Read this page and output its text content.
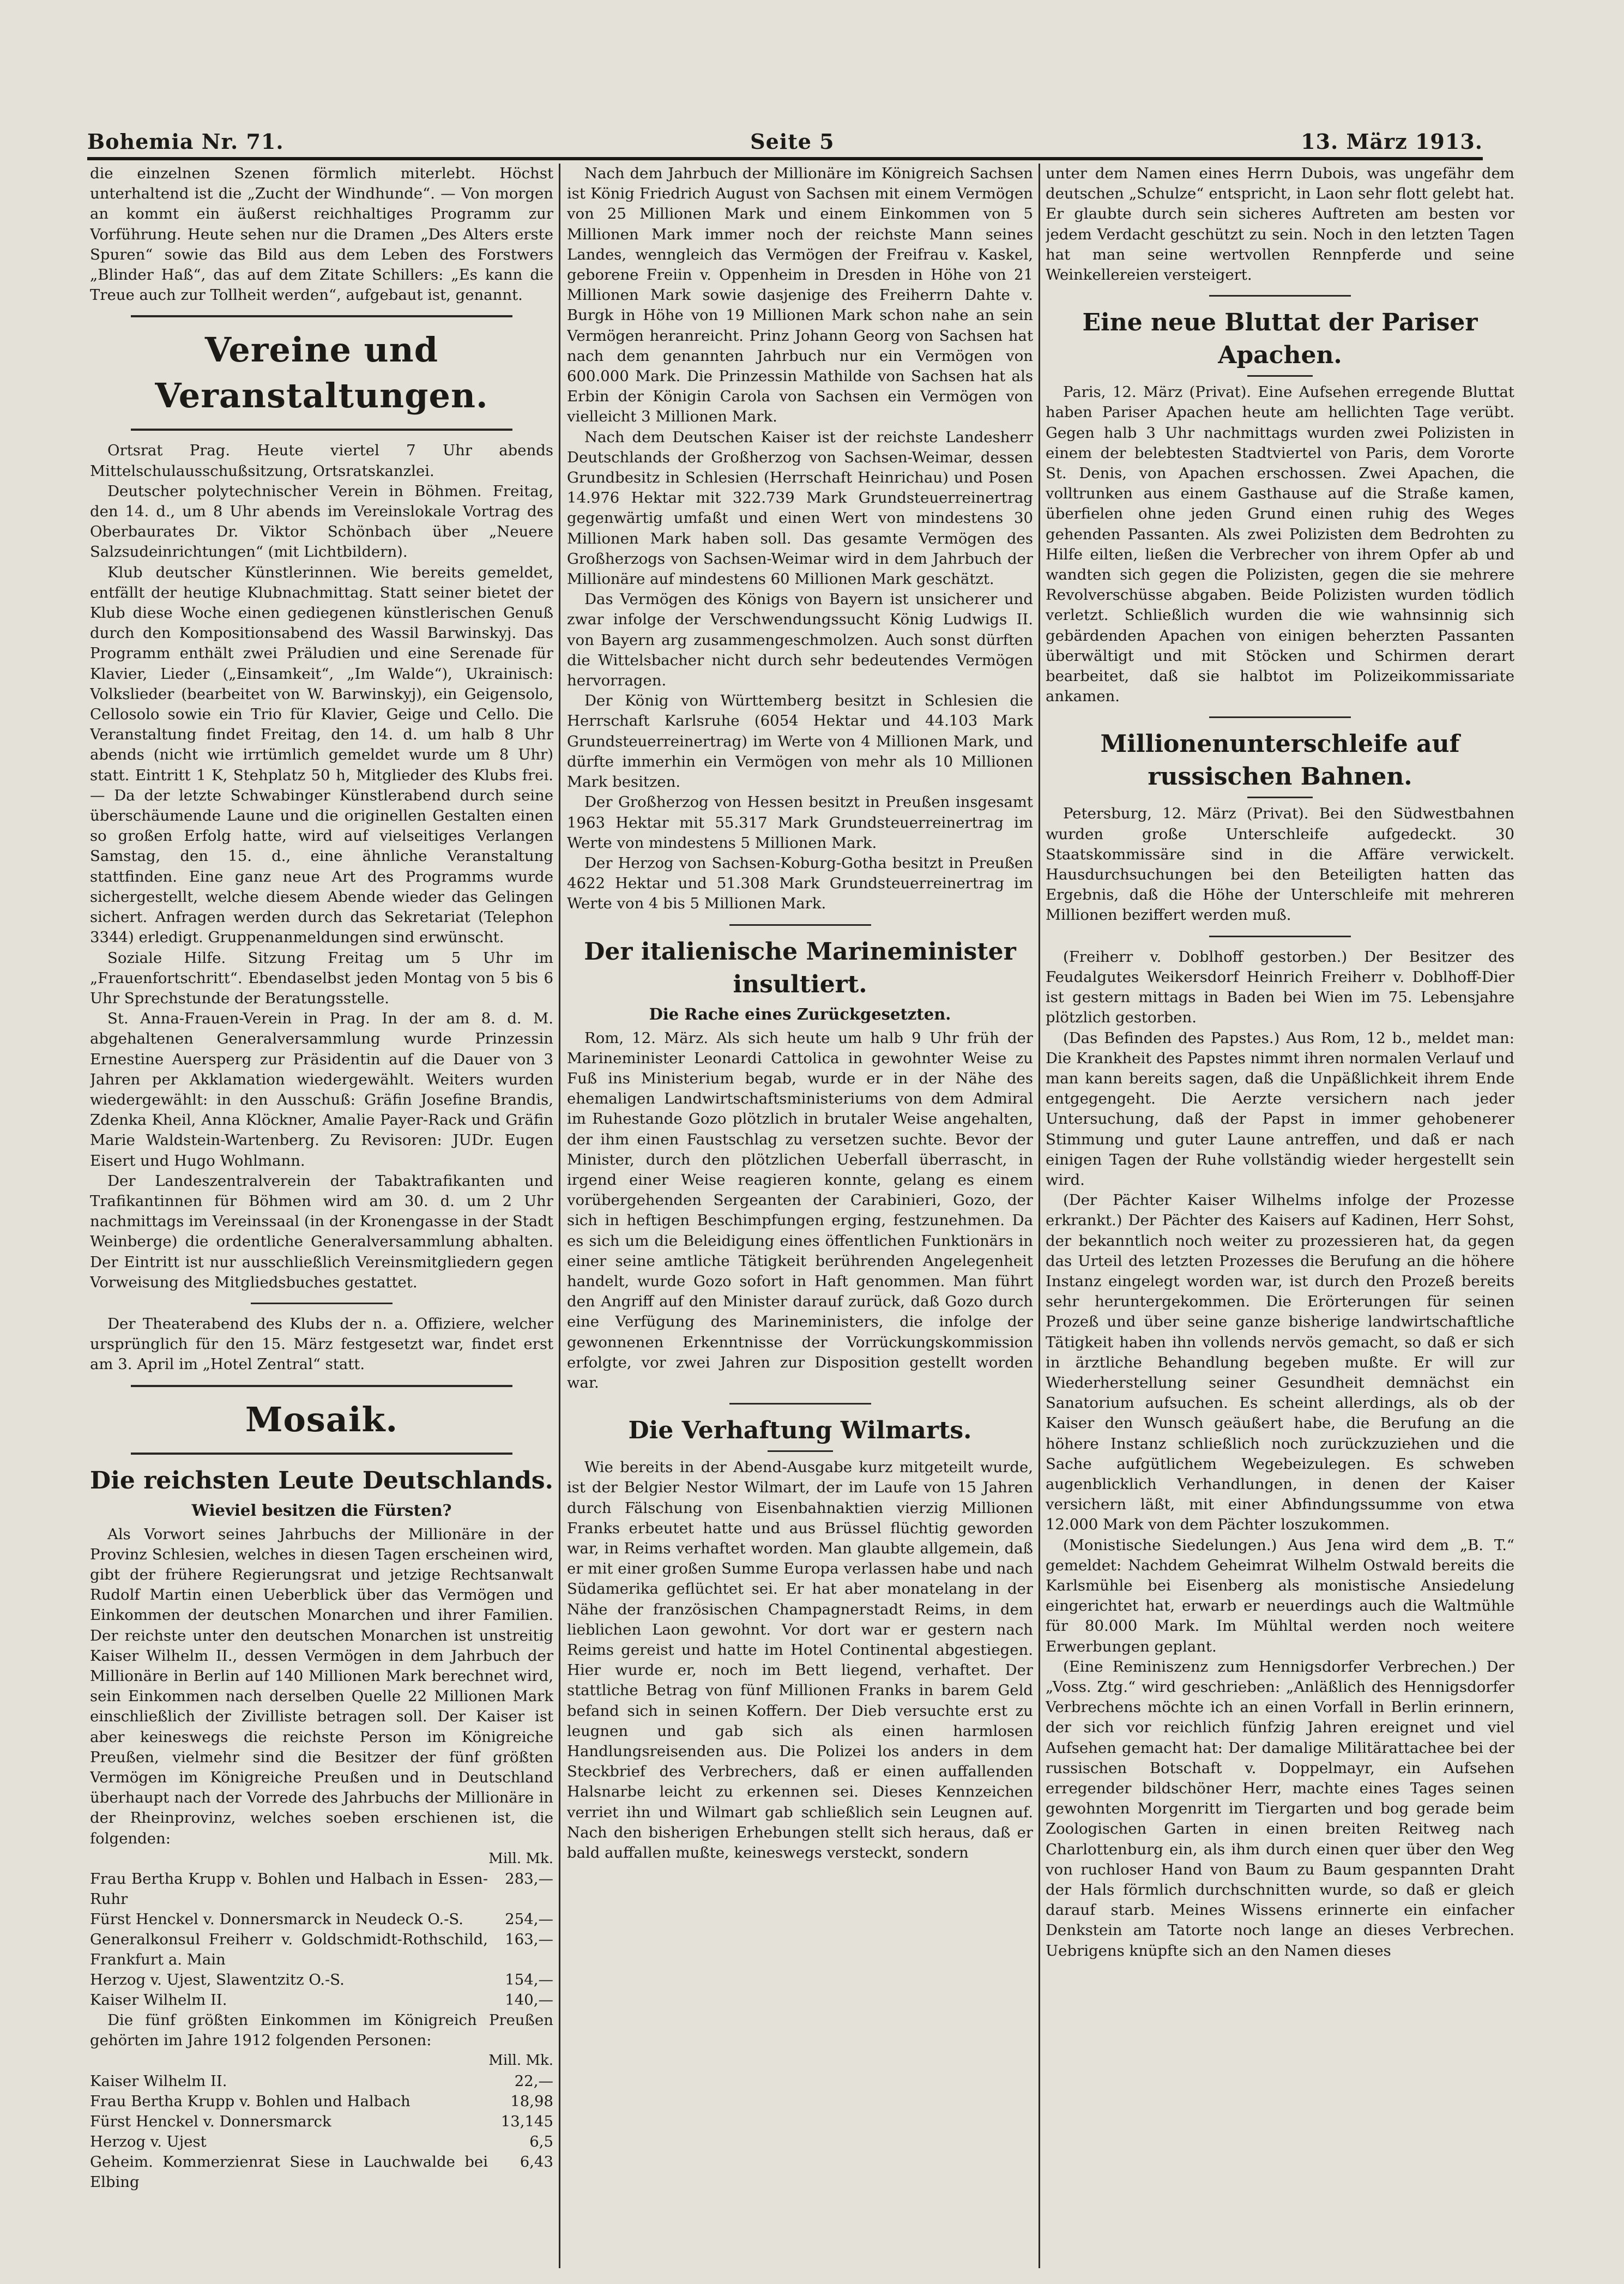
Bohemia Nr. 71.	Seite 5	13. März 1913.

die einzelnen Szenen förmlich miterlebt. Höchst unterhaltend ist die „Zucht der Windhunde“. — Von morgen an kommt ein äußerst reichhaltiges Programm zur Vorführung. Heute sehen nur die Dramen „Des Alters erste Spuren“ sowie das Bild aus dem Leben des Forstwers „Blinder Haß“, das auf dem Zitate Schillers: „Es kann die Treue auch zur Tollheit werden“, aufgebaut ist, genannt.

Vereine und Veranstaltungen.

Ortsrat Prag. Heute viertel 7 Uhr abends Mittelschulausschußsitzung, Ortsratskanzlei.

Deutscher polytechnischer Verein in Böhmen. Freitag, den 14. d., um 8 Uhr abends im Vereinslokale Vortrag des Oberbaurates Dr. Viktor Schönbach über „Neuere Salzsudeinrichtungen“ (mit Lichtbildern).

Klub deutscher Künstlerinnen. Wie bereits gemeldet, entfällt der heutige Klubnachmittag. Statt seiner bietet der Klub diese Woche einen gediegenen künstlerischen Genuß durch den Kompositionsabend des Wassil Barwinskyj. Das Programm enthält zwei Präludien und eine Serenade für Klavier, Lieder („Einsamkeit“, „Im Walde“), Ukrainisch: Volkslieder (bearbeitet von W. Barwinskyj), ein Geigensolo, Cellosolo sowie ein Trio für Klavier, Geige und Cello. Die Veranstaltung findet Freitag, den 14. d. um halb 8 Uhr abends (nicht wie irrtümlich gemeldet wurde um 8 Uhr) statt. Eintritt 1 K, Stehplatz 50 h, Mitglieder des Klubs frei. — Da der letzte Schwabinger Künstlerabend durch seine überschäumende Laune und die originellen Gestalten einen so großen Erfolg hatte, wird auf vielseitiges Verlangen Samstag, den 15. d., eine ähnliche Veranstaltung stattfinden. Eine ganz neue Art des Programms wurde sichergestellt, welche diesem Abende wieder das Gelingen sichert. Anfragen werden durch das Sekretariat (Telephon 3344) erledigt. Gruppenanmeldungen sind erwünscht.

Soziale Hilfe. Sitzung Freitag um 5 Uhr im „Frauenfortschritt“. Ebendaselbst jeden Montag von 5 bis 6 Uhr Sprechstunde der Beratungsstelle.

St. Anna-Frauen-Verein in Prag. In der am 8. d. M. abgehaltenen Generalversammlung wurde Prinzessin Ernestine Auersperg zur Präsidentin auf die Dauer von 3 Jahren per Akklamation wiedergewählt. Weiters wurden wiedergewählt: in den Ausschuß: Gräfin Josefine Brandis, Zdenka Kheil, Anna Klöckner, Amalie Payer-Rack und Gräfin Marie Waldstein-Wartenberg. Zu Revisoren: JUDr. Eugen Eisert und Hugo Wohlmann.

Der Landeszentralverein der Tabaktrafikanten und Trafikantinnen für Böhmen wird am 30. d. um 2 Uhr nachmittags im Vereinssaal (in der Kronengasse in der Stadt Weinberge) die ordentliche Generalversammlung abhalten. Der Eintritt ist nur ausschließlich Vereinsmitgliedern gegen Vorweisung des Mitgliedsbuches gestattet.

Der Theaterabend des Klubs der n. a. Offiziere, welcher ursprünglich für den 15. März festgesetzt war, findet erst am 3. April im „Hotel Zentral“ statt.

Mosaik.
Die reichsten Leute Deutschlands.
Wieviel besitzen die Fürsten?

Als Vorwort seines Jahrbuchs der Millionäre in der Provinz Schlesien, welches in diesen Tagen erscheinen wird, gibt der frühere Regierungsrat und jetzige Rechtsanwalt Rudolf Martin einen Ueberblick über das Vermögen und Einkommen der deutschen Monarchen und ihrer Familien. Der reichste unter den deutschen Monarchen ist unstreitig Kaiser Wilhelm II., dessen Vermögen in dem Jahrbuch der Millionäre in Berlin auf 140 Millionen Mark berechnet wird, sein Einkommen nach derselben Quelle 22 Millionen Mark einschließlich der Zivilliste betragen soll. Der Kaiser ist aber keineswegs die reichste Person im Königreiche Preußen, vielmehr sind die Besitzer der fünf größten Vermögen im Königreiche Preußen und in Deutschland überhaupt nach der Vorrede des Jahrbuchs der Millionäre in der Rheinprovinz, welches soeben erschienen ist, die folgenden:

Mill. Mk.
Frau Bertha Krupp v. Bohlen und Halbach in Essen-Ruhr	283,—
Fürst Henckel v. Donnersmarck in Neudeck O.-S.	254,—
Generalkonsul Freiherr v. Goldschmidt-Rothschild, Frankfurt a. Main	163,—
Herzog v. Ujest, Slawentzitz O.-S.	154,—
Kaiser Wilhelm II.	140,—

Die fünf größten Einkommen im Königreich Preußen gehörten im Jahre 1912 folgenden Personen:

Mill. Mk.
Kaiser Wilhelm II.	22,—
Frau Bertha Krupp v. Bohlen und Halbach	18,98
Fürst Henckel v. Donnersmarck	13,145
Herzog v. Ujest	6,5
Geheim. Kommerzienrat Siese in Lauchwalde bei Elbing	6,43

Nach dem Jahrbuch der Millionäre im Königreich Sachsen ist König Friedrich August von Sachsen mit einem Vermögen von 25 Millionen Mark und einem Einkommen von 5 Millionen Mark immer noch der reichste Mann seines Landes, wenngleich das Vermögen der Freifrau v. Kaskel, geborene Freiin v. Oppenheim in Dresden in Höhe von 21 Millionen Mark sowie dasjenige des Freiherrn Dahte v. Burgk in Höhe von 19 Millionen Mark schon nahe an sein Vermögen heranreicht. Prinz Johann Georg von Sachsen hat nach dem genannten Jahrbuch nur ein Vermögen von 600.000 Mark. Die Prinzessin Mathilde von Sachsen hat als Erbin der Königin Carola von Sachsen ein Vermögen von vielleicht 3 Millionen Mark.

Nach dem Deutschen Kaiser ist der reichste Landesherr Deutschlands der Großherzog von Sachsen-Weimar, dessen Grundbesitz in Schlesien (Herrschaft Heinrichau) und Posen 14.976 Hektar mit 322.739 Mark Grundsteuerreinertrag gegenwärtig umfaßt und einen Wert von mindestens 30 Millionen Mark haben soll. Das gesamte Vermögen des Großherzogs von Sachsen-Weimar wird in dem Jahrbuch der Millionäre auf mindestens 60 Millionen Mark geschätzt.

Das Vermögen des Königs von Bayern ist unsicherer und zwar infolge der Verschwendungssucht König Ludwigs II. von Bayern arg zusammengeschmolzen. Auch sonst dürften die Wittelsbacher nicht durch sehr bedeutendes Vermögen hervorragen.

Der König von Württemberg besitzt in Schlesien die Herrschaft Karlsruhe (6054 Hektar und 44.103 Mark Grundsteuerreinertrag) im Werte von 4 Millionen Mark, und dürfte immerhin ein Vermögen von mehr als 10 Millionen Mark besitzen.

Der Großherzog von Hessen besitzt in Preußen insgesamt 1963 Hektar mit 55.317 Mark Grundsteuerreinertrag im Werte von mindestens 5 Millionen Mark.

Der Herzog von Sachsen-Koburg-Gotha besitzt in Preußen 4622 Hektar und 51.308 Mark Grundsteuerreinertrag im Werte von 4 bis 5 Millionen Mark.

Der italienische Marineminister insultiert.
Die Rache eines Zurückgesetzten.

Rom, 12. März. Als sich heute um halb 9 Uhr früh der Marineminister Leonardi Cattolica in gewohnter Weise zu Fuß ins Ministerium begab, wurde er in der Nähe des ehemaligen Landwirtschaftsministeriums von dem Admiral im Ruhestande Gozo plötzlich in brutaler Weise angehalten, der ihm einen Faustschlag zu versetzen suchte. Bevor der Minister, durch den plötzlichen Ueberfall überrascht, in irgend einer Weise reagieren konnte, gelang es einem vorübergehenden Sergeanten der Carabinieri, Gozo, der sich in heftigen Beschimpfungen erging, festzunehmen. Da es sich um die Beleidigung eines öffentlichen Funktionärs in einer seine amtliche Tätigkeit berührenden Angelegenheit handelt, wurde Gozo sofort in Haft genommen. Man führt den Angriff auf den Minister darauf zurück, daß Gozo durch eine Verfügung des Marineministers, die infolge der gewonnenen Erkenntnisse der Vorrückungskommission erfolgte, vor zwei Jahren zur Disposition gestellt worden war.

Die Verhaftung Wilmarts.

Wie bereits in der Abend-Ausgabe kurz mitgeteilt wurde, ist der Belgier Nestor Wilmart, der im Laufe von 15 Jahren durch Fälschung von Eisenbahnaktien vierzig Millionen Franks erbeutet hatte und aus Brüssel flüchtig geworden war, in Reims verhaftet worden. Man glaubte allgemein, daß er mit einer großen Summe Europa verlassen habe und nach Südamerika geflüchtet sei. Er hat aber monatelang in der Nähe der französischen Champagnerstadt Reims, in dem lieblichen Laon gewohnt. Vor dort war er gestern nach Reims gereist und hatte im Hotel Continental abgestiegen. Hier wurde er, noch im Bett liegend, verhaftet. Der stattliche Betrag von fünf Millionen Franks in barem Geld befand sich in seinen Koffern. Der Dieb versuchte erst zu leugnen und gab sich als einen harmlosen Handlungsreisenden aus. Die Polizei los anders in dem Steckbrief des Verbrechers, daß er einen auffallenden Halsnarbe leicht zu erkennen sei. Dieses Kennzeichen verriet ihn und Wilmart gab schließlich sein Leugnen auf. Nach den bisherigen Erhebungen stellt sich heraus, daß er bald auffallen mußte, keineswegs versteckt, sondern

unter dem Namen eines Herrn Dubois, was ungefähr dem deutschen „Schulze“ entspricht, in Laon sehr flott gelebt hat. Er glaubte durch sein sicheres Auftreten am besten vor jedem Verdacht geschützt zu sein. Noch in den letzten Tagen hat man seine wertvollen Rennpferde und seine Weinkellereien versteigert.

Eine neue Bluttat der Pariser Apachen.

Paris, 12. März (Privat). Eine Aufsehen erregende Bluttat haben Pariser Apachen heute am hellichten Tage verübt. Gegen halb 3 Uhr nachmittags wurden zwei Polizisten in einem der belebtesten Stadtviertel von Paris, dem Vororte St. Denis, von Apachen erschossen. Zwei Apachen, die volltrunken aus einem Gasthause auf die Straße kamen, überfielen ohne jeden Grund einen ruhig des Weges gehenden Passanten. Als zwei Polizisten dem Bedrohten zu Hilfe eilten, ließen die Verbrecher von ihrem Opfer ab und wandten sich gegen die Polizisten, gegen die sie mehrere Revolverschüsse abgaben. Beide Polizisten wurden tödlich verletzt. Schließlich wurden die wie wahnsinnig sich gebärdenden Apachen von einigen beherzten Passanten überwältigt und mit Stöcken und Schirmen derart bearbeitet, daß sie halbtot im Polizeikommissariate ankamen.

Millionenunterschleife auf russischen Bahnen.

Petersburg, 12. März (Privat). Bei den Südwestbahnen wurden große Unterschleife aufgedeckt. 30 Staatskommissäre sind in die Affäre verwickelt. Hausdurchsuchungen bei den Beteiligten hatten das Ergebnis, daß die Höhe der Unterschleife mit mehreren Millionen beziffert werden muß.

(Freiherr v. Doblhoff gestorben.) Der Besitzer des Feudalgutes Weikersdorf Heinrich Freiherr v. Doblhoff-Dier ist gestern mittags in Baden bei Wien im 75. Lebensjahre plötzlich gestorben.

(Das Befinden des Papstes.) Aus Rom, 12 b., meldet man: Die Krankheit des Papstes nimmt ihren normalen Verlauf und man kann bereits sagen, daß die Unpäßlichkeit ihrem Ende entgegengeht. Die Aerzte versichern nach jeder Untersuchung, daß der Papst in immer gehobenerer Stimmung und guter Laune antreffen, und daß er nach einigen Tagen der Ruhe vollständig wieder hergestellt sein wird.

(Der Pächter Kaiser Wilhelms infolge der Prozesse erkrankt.) Der Pächter des Kaisers auf Kadinen, Herr Sohst, der bekanntlich noch weiter zu prozessieren hat, da gegen das Urteil des letzten Prozesses die Berufung an die höhere Instanz eingelegt worden war, ist durch den Prozeß bereits sehr heruntergekommen. Die Erörterungen für seinen Prozeß und über seine ganze bisherige landwirtschaftliche Tätigkeit haben ihn vollends nervös gemacht, so daß er sich in ärztliche Behandlung begeben mußte. Er will zur Wiederherstellung seiner Gesundheit demnächst ein Sanatorium aufsuchen. Es scheint allerdings, als ob der Kaiser den Wunsch geäußert habe, die Berufung an die höhere Instanz schließlich noch zurückzuziehen und die Sache aufgütlichem Wegebeizulegen. Es schweben augenblicklich Verhandlungen, in denen der Kaiser versichern läßt, mit einer Abfindungssumme von etwa 12.000 Mark von dem Pächter loszukommen.

(Monistische Siedelungen.) Aus Jena wird dem „B. T.“ gemeldet: Nachdem Geheimrat Wilhelm Ostwald bereits die Karlsmühle bei Eisenberg als monistische Ansiedelung eingerichtet hat, erwarb er neuerdings auch die Waltmühle für 80.000 Mark. Im Mühltal werden noch weitere Erwerbungen geplant.

(Eine Reminiszenz zum Hennigsdorfer Verbrechen.) Der „Voss. Ztg.“ wird geschrieben: „Anläßlich des Hennigsdorfer Verbrechens möchte ich an einen Vorfall in Berlin erinnern, der sich vor reichlich fünfzig Jahren ereignet und viel Aufsehen gemacht hat: Der damalige Militärattachee bei der russischen Botschaft v. Doppelmayr, ein Aufsehen erregender bildschöner Herr, machte eines Tages seinen gewohnten Morgenritt im Tiergarten und bog gerade beim Zoologischen Garten in einen breiten Reitweg nach Charlottenburg ein, als ihm durch einen quer über den Weg von ruchloser Hand von Baum zu Baum gespannten Draht der Hals förmlich durchschnitten wurde, so daß er gleich darauf starb. Meines Wissens erinnerte ein einfacher Denkstein am Tatorte noch lange an dieses Verbrechen. Uebrigens knüpfte sich an den Namen dieses
